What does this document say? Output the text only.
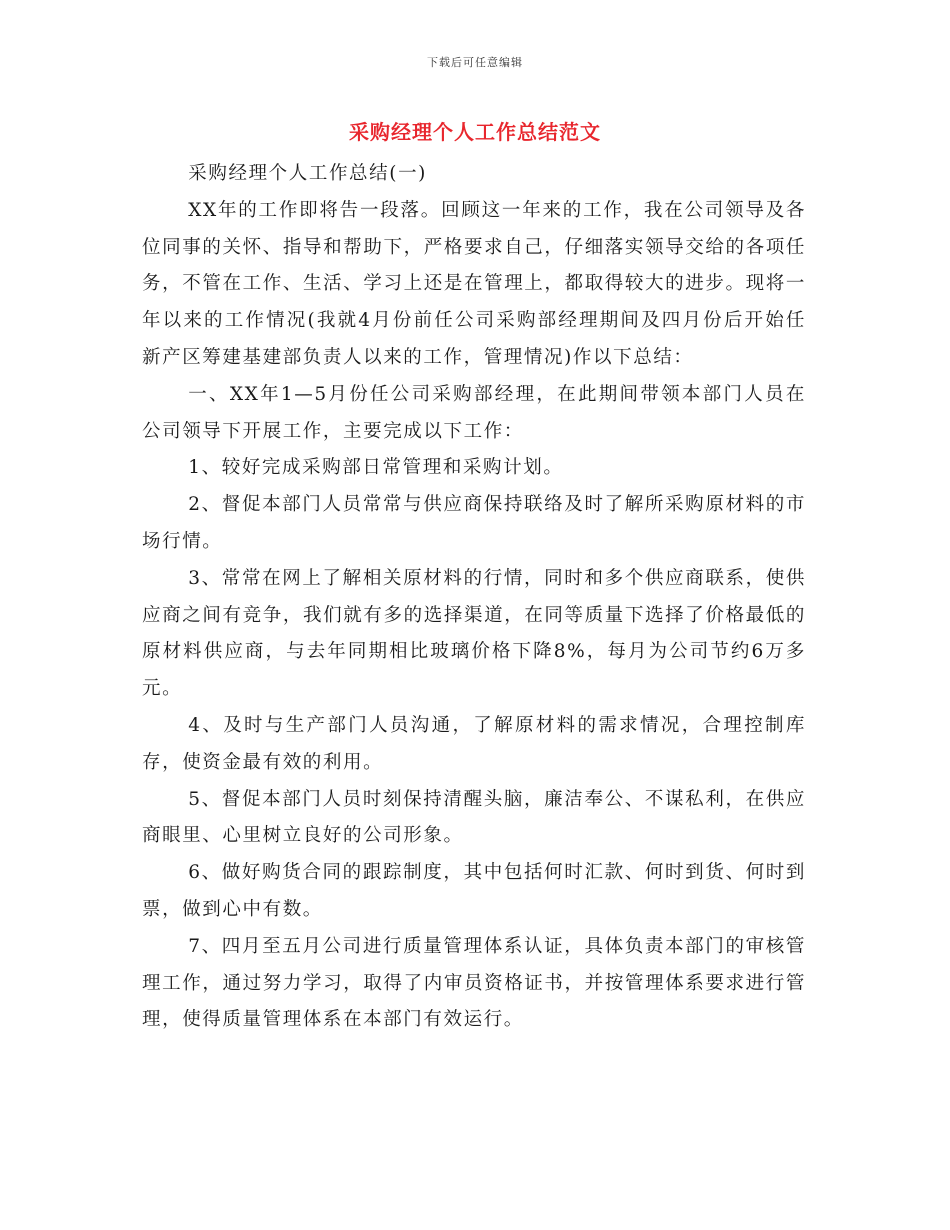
下载后可任意编辑
采购经理个人工作总结范文

采购经理个人工作总结(一)

XX年的工作即将告一段落。回顾这一年来的工作，我在公司领导及各位同事的关怀、指导和帮助下，严格要求自己，仔细落实领导交给的各项任务，不管在工作、生活、学习上还是在管理上，都取得较大的进步。现将一年以来的工作情况(我就4月份前任公司采购部经理期间及四月份后开始任新产区筹建基建部负责人以来的工作，管理情况)作以下总结：

一、XX年1—5月份任公司采购部经理，在此期间带领本部门人员在公司领导下开展工作，主要完成以下工作：

1、较好完成采购部日常管理和采购计划。

2、督促本部门人员常常与供应商保持联络及时了解所采购原材料的市场行情。

3、常常在网上了解相关原材料的行情，同时和多个供应商联系，使供应商之间有竞争，我们就有多的选择渠道，在同等质量下选择了价格最低的原材料供应商，与去年同期相比玻璃价格下降8%，每月为公司节约6万多元。

4、及时与生产部门人员沟通，了解原材料的需求情况，合理控制库存，使资金最有效的利用。

5、督促本部门人员时刻保持清醒头脑，廉洁奉公、不谋私利，在供应商眼里、心里树立良好的公司形象。

6、做好购货合同的跟踪制度，其中包括何时汇款、何时到货、何时到票，做到心中有数。

7、四月至五月公司进行质量管理体系认证，具体负责本部门的审核管理工作，通过努力学习，取得了内审员资格证书，并按管理体系要求进行管理，使得质量管理体系在本部门有效运行。
